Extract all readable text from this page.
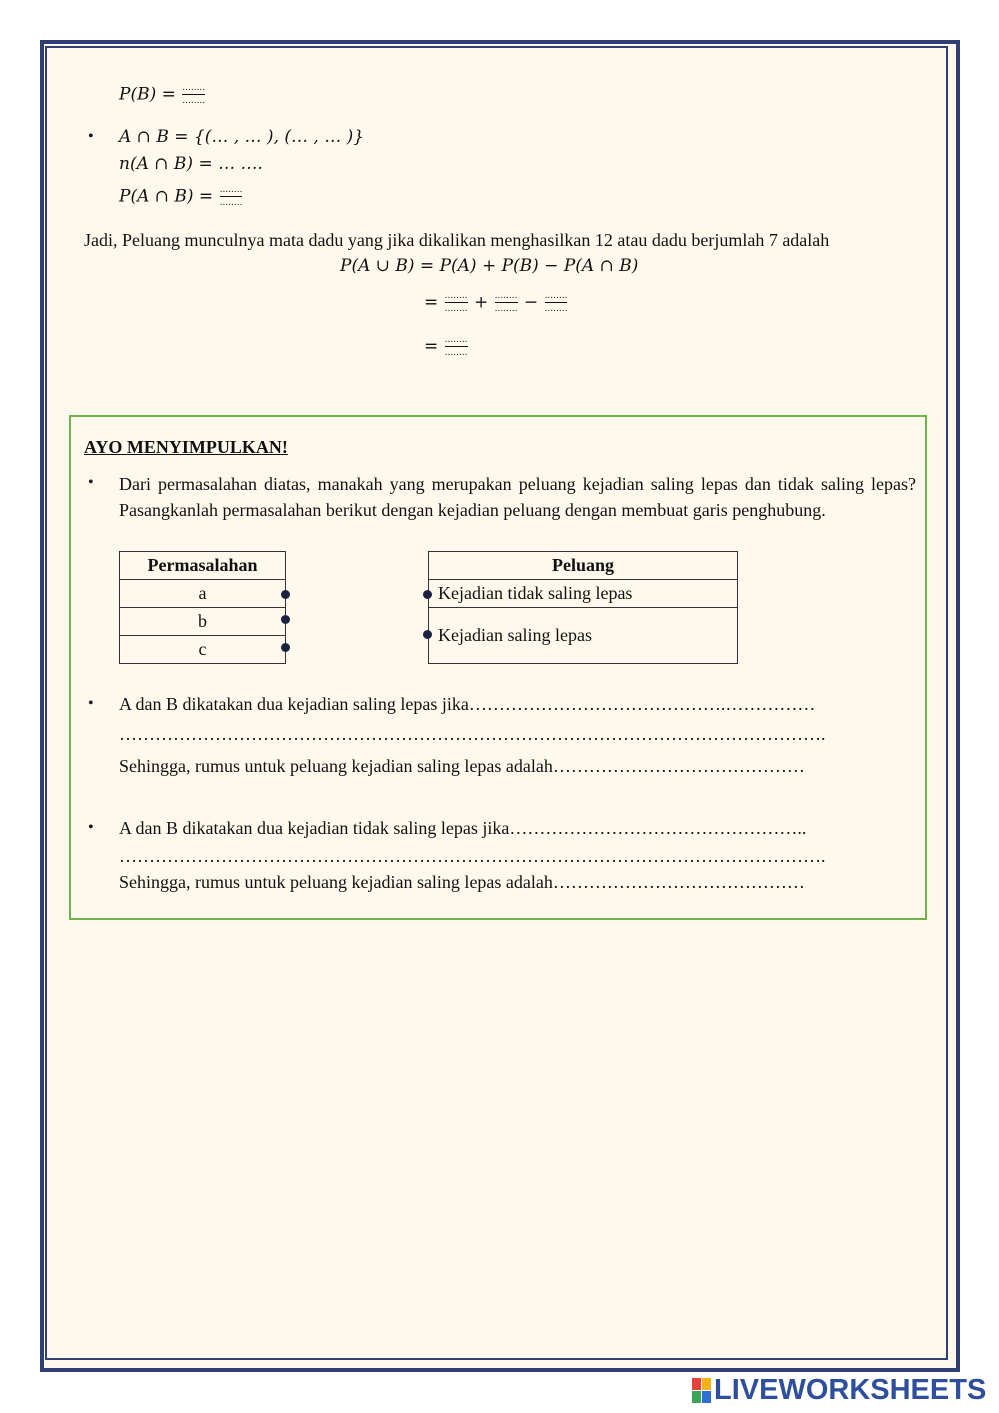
$P(B) = \frac{........}{........}$
• A ∩ B = {(… , … ), (… , … )}
n(A ∩ B) = … ….
P(A ∩ $B) = \frac{........}{........}$
Jadi, Peluang munculnya mata dadu yang jika dikalikan menghasilkan 12 atau dadu berjumlah 7 adalah
P(A ∪ B) = P(A) + P(B) − P(A ∩ B)
= $\frac{........}{........} + \frac{........}{........} - \frac{........}{........}$
= $\frac{........}{........}$
AYO MENYIMPULKAN!
• Dari permasalahan diatas, manakah yang merupakan peluang kejadian saling lepas dan tidak saling lepas? Pasangkanlah permasalahan berikut dengan kejadian peluang dengan membuat garis penghubung.
Permasalahan
a
b
c
Peluang
Kejadian tidak saling lepas
Kejadian saling lepas
• A dan B dikatakan dua kejadian saling lepas jika…………………………………….……………
……………………………………………………………………………………………………….
Sehingga, rumus untuk peluang kejadian saling lepas adalah……………………………………
• A dan B dikatakan dua kejadian tidak saling lepas jika…………………………………………..
……………………………………………………………………………………………………….
Sehingga, rumus untuk peluang kejadian saling lepas adalah……………………………………
LIVEWORKSHEETS
